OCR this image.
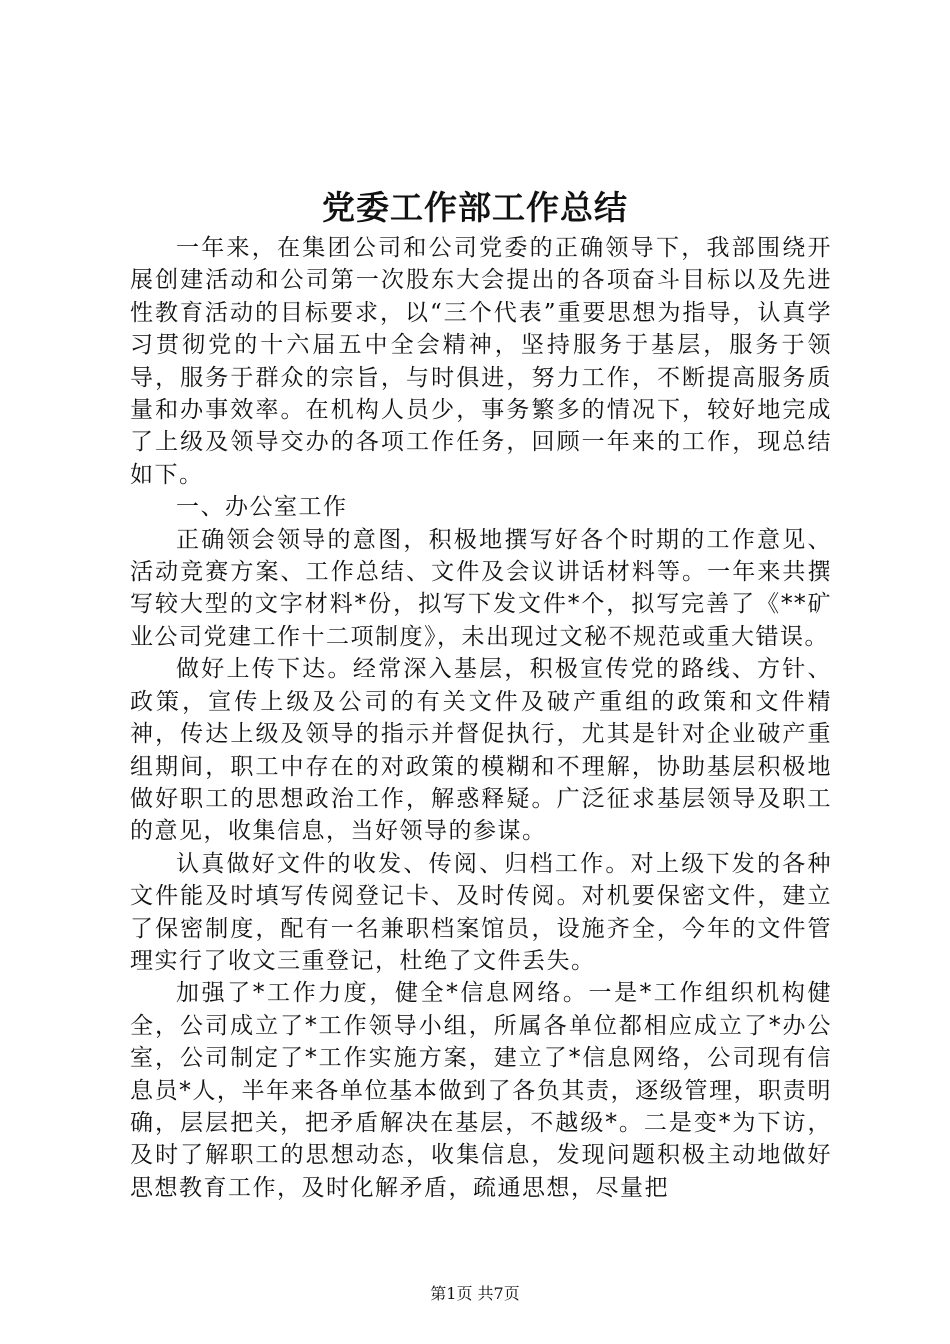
党委工作部工作总结

一年来，在集团公司和公司党委的正确领导下，我部围绕开展创建活动和公司第一次股东大会提出的各项奋斗目标以及先进性教育活动的目标要求，以“三个代表”重要思想为指导，认真学习贯彻党的十六届五中全会精神，坚持服务于基层，服务于领导，服务于群众的宗旨，与时俱进，努力工作，不断提高服务质量和办事效率。在机构人员少，事务繁多的情况下，较好地完成了上级及领导交办的各项工作任务，回顾一年来的工作，现总结如下。

一、办公室工作

正确领会领导的意图，积极地撰写好各个时期的工作意见、活动竞赛方案、工作总结、文件及会议讲话材料等。一年来共撰写较大型的文字材料*份，拟写下发文件*个，拟写完善了《**矿业公司党建工作十二项制度》，未出现过文秘不规范或重大错误。

做好上传下达。经常深入基层，积极宣传党的路线、方针、政策，宣传上级及公司的有关文件及破产重组的政策和文件精神，传达上级及领导的指示并督促执行，尤其是针对企业破产重组期间，职工中存在的对政策的模糊和不理解，协助基层积极地做好职工的思想政治工作，解惑释疑。广泛征求基层领导及职工的意见，收集信息，当好领导的参谋。

认真做好文件的收发、传阅、归档工作。对上级下发的各种文件能及时填写传阅登记卡、及时传阅。对机要保密文件，建立了保密制度，配有一名兼职档案馆员，设施齐全，今年的文件管理实行了收文三重登记，杜绝了文件丢失。

加强了*工作力度，健全*信息网络。一是*工作组织机构健全，公司成立了*工作领导小组，所属各单位都相应成立了*办公室，公司制定了*工作实施方案，建立了*信息网络，公司现有信息员*人，半年来各单位基本做到了各负其责，逐级管理，职责明确，层层把关，把矛盾解决在基层，不越级*。二是变*为下访，及时了解职工的思想动态，收集信息，发现问题积极主动地做好思想教育工作，及时化解矛盾，疏通思想，尽量把

第1页 共7页
